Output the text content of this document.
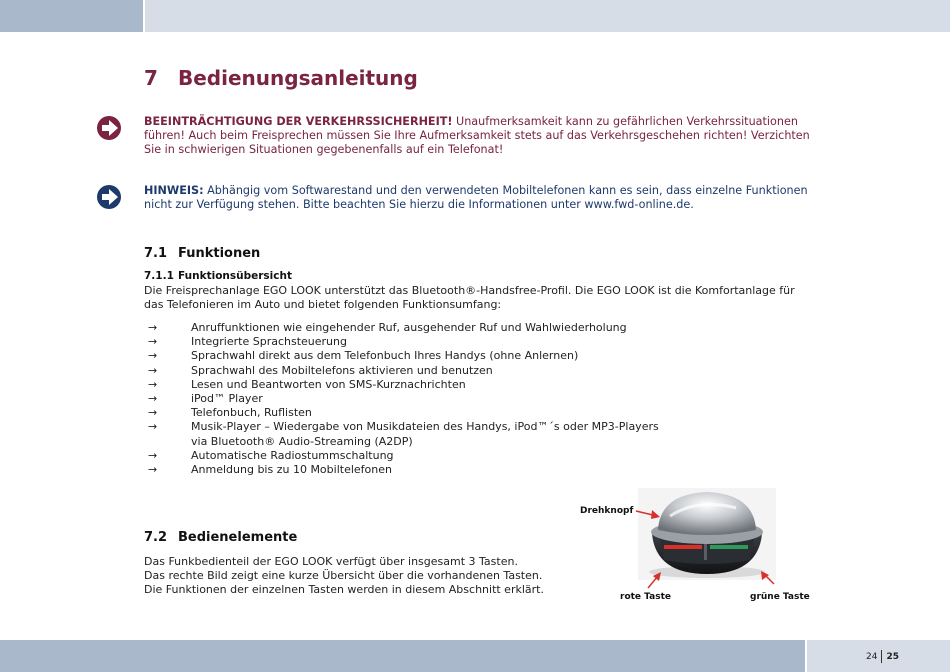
7 Bedienungsanleitung
BEEINTRÄCHTIGUNG DER VERKEHRSSICHERHEIT! Unaufmerksamkeit kann zu gefährlichen Verkehrssituationen führen! Auch beim Freisprechen müssen Sie Ihre Aufmerksamkeit stets auf das Verkehrsgeschehen richten! Verzichten Sie in schwierigen Situationen gegebenenfalls auf ein Telefonat!
HINWEIS: Abhängig vom Softwarestand und den verwendeten Mobiltelefonen kann es sein, dass einzelne Funktionen nicht zur Verfügung stehen. Bitte beachten Sie hierzu die Informationen unter www.fwd-online.de.
7.1 Funktionen
7.1.1 Funktionsübersicht
Die Freisprechanlage EGO LOOK unterstützt das Bluetooth®-Handsfree-Profil. Die EGO LOOK ist die Komfortanlage für das Telefonieren im Auto und bietet folgenden Funktionsumfang:
→	Anruffunktionen wie eingehender Ruf, ausgehender Ruf und Wahlwiederholung
→	Integrierte Sprachsteuerung
→	Sprachwahl direkt aus dem Telefonbuch Ihres Handys (ohne Anlernen)
→	Sprachwahl des Mobiltelefons aktivieren und benutzen
→	Lesen und Beantworten von SMS-Kurznachrichten
→	iPod™ Player
→	Telefonbuch, Ruflisten
→	Musik-Player – Wiedergabe von Musikdateien des Handys, iPod™´s oder MP3-Players via Bluetooth® Audio-Streaming (A2DP)
→	Automatische Radiostummschaltung
→	Anmeldung bis zu 10 Mobiltelefonen
7.2 Bedienelemente
Das Funkbedienteil der EGO LOOK verfügt über insgesamt 3 Tasten.
Das rechte Bild zeigt eine kurze Übersicht über die vorhandenen Tasten.
Die Funktionen der einzelnen Tasten werden in diesem Abschnitt erklärt.
Drehknopf
rote Taste	grüne Taste
24 25
